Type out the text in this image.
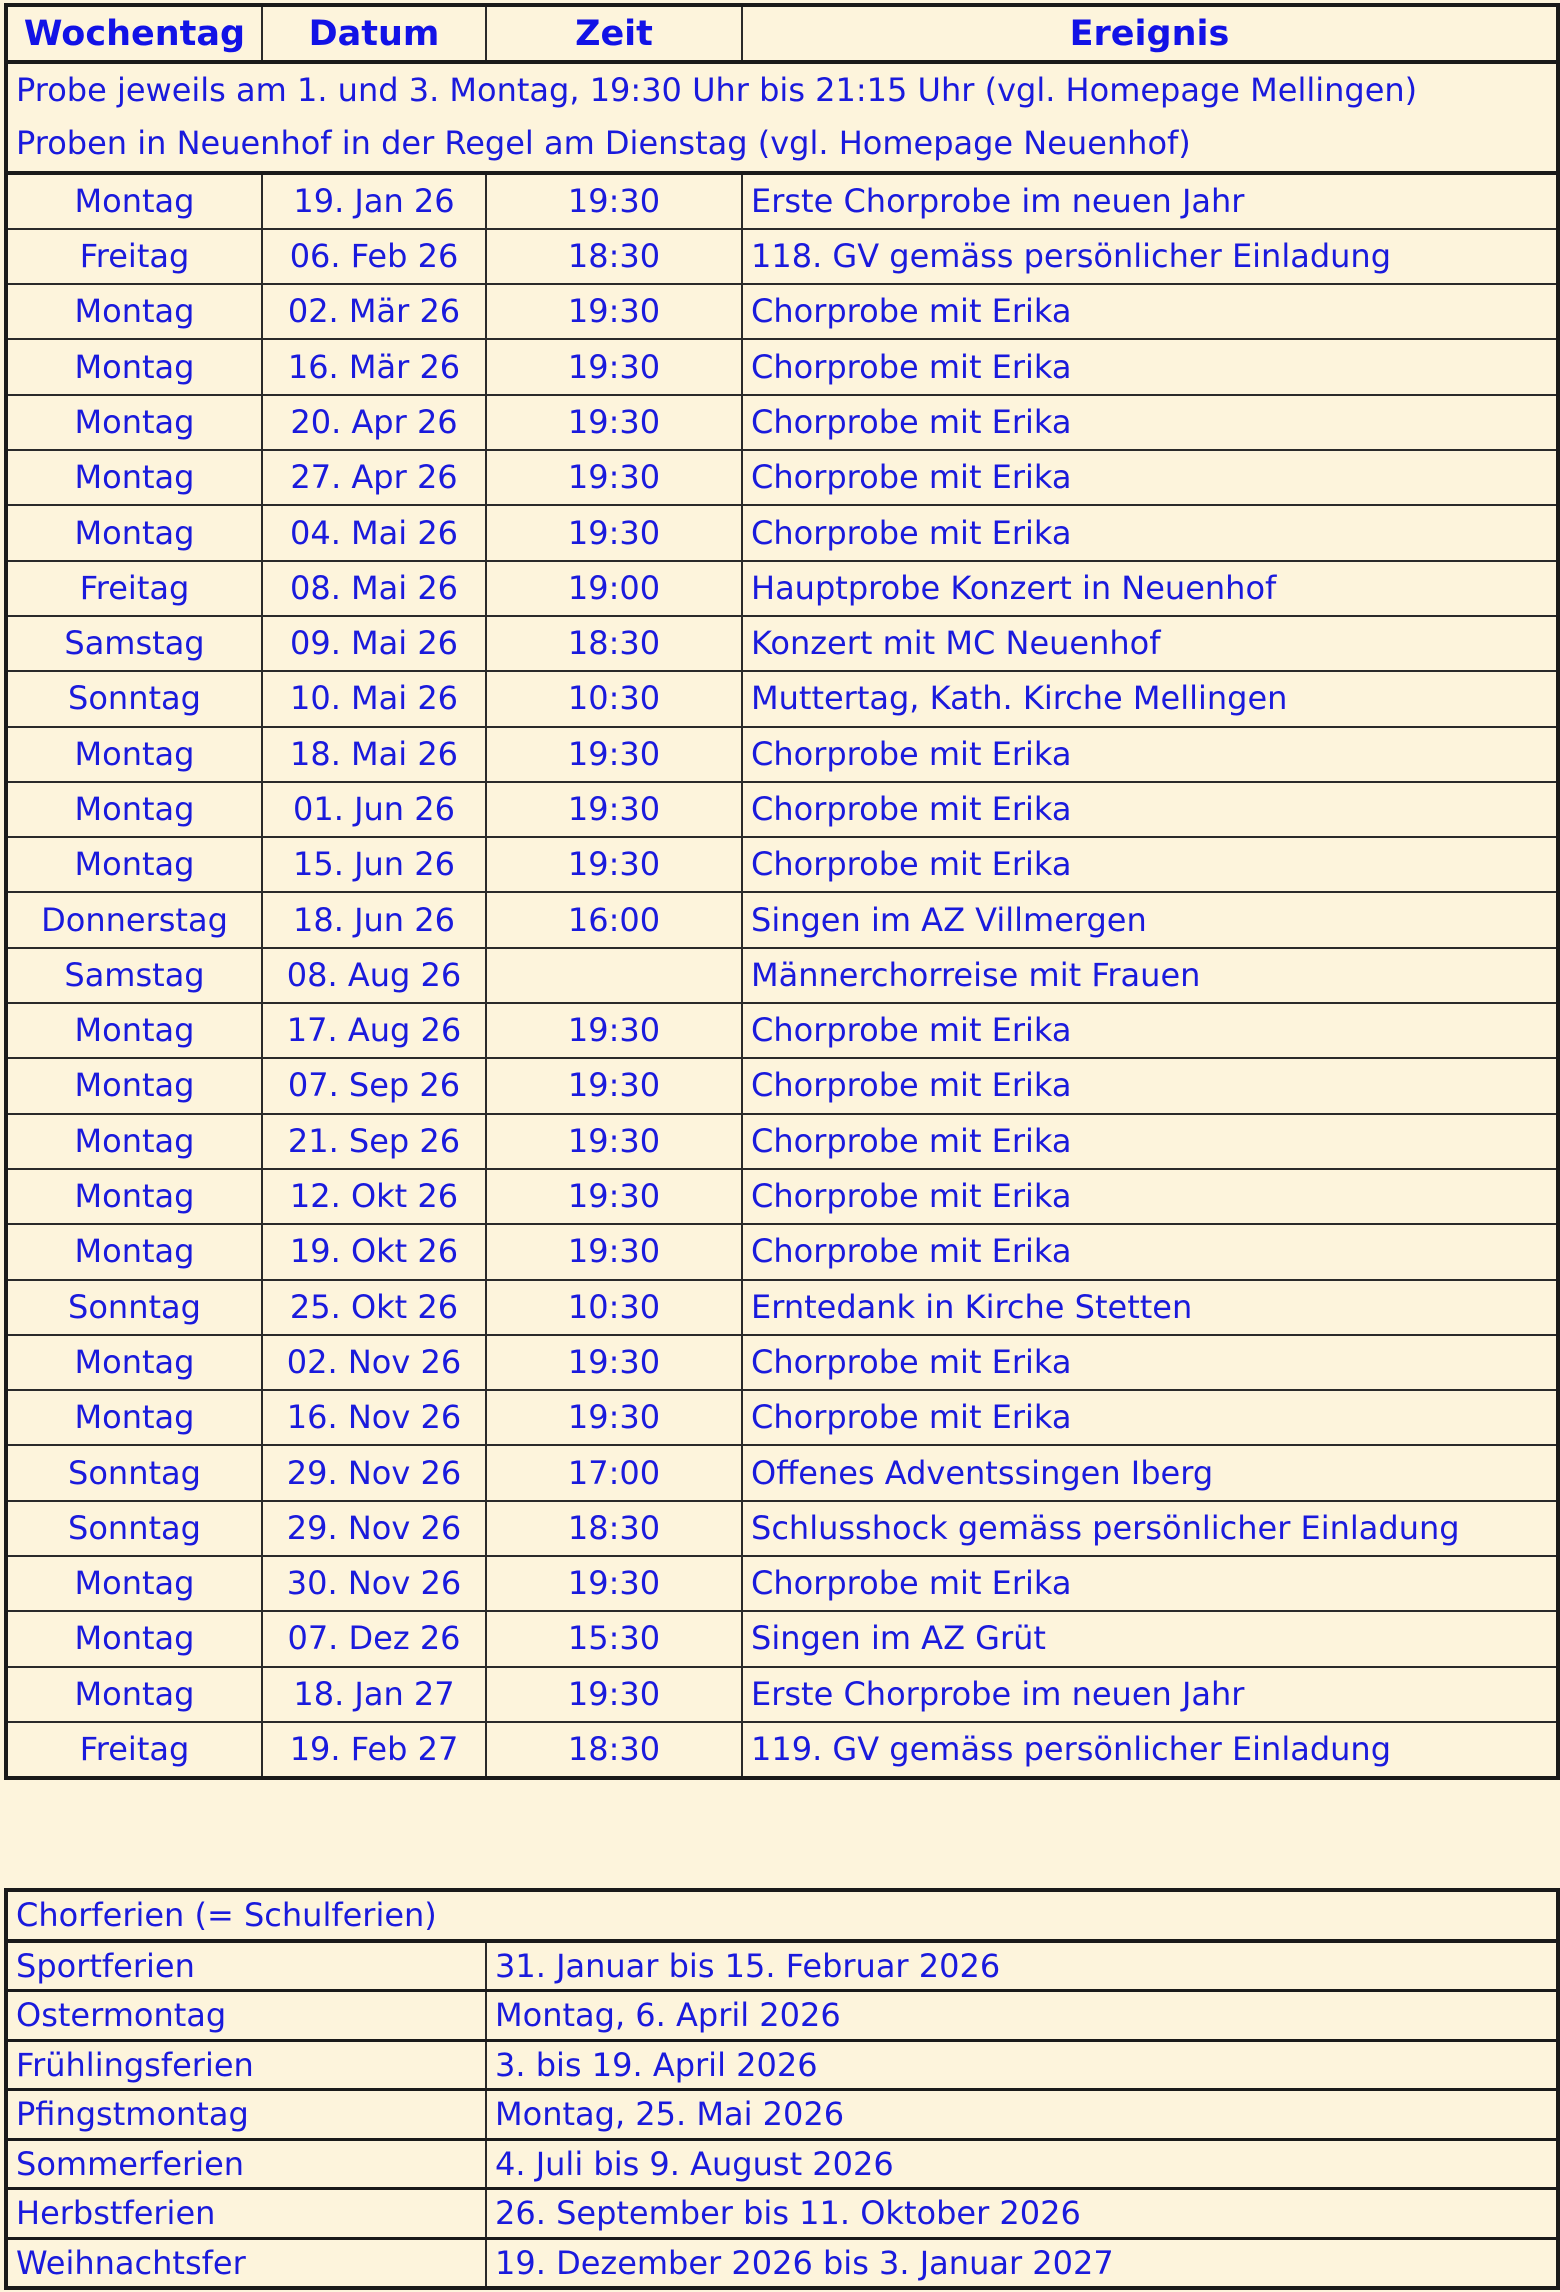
Wochentag	Datum	Zeit	Ereignis
Probe jeweils am 1. und 3. Montag, 19:30 Uhr bis 21:15 Uhr (vgl. Homepage Mellingen)			
Proben in Neuenhof in der Regel am Dienstag (vgl. Homepage Neuenhof)			
Montag	19. Jan 26	19:30	Erste Chorprobe im neuen Jahr
Freitag	06. Feb 26	18:30	118. GV gemäss persönlicher Einladung
Montag	02. Mär 26	19:30	Chorprobe mit Erika
Montag	16. Mär 26	19:30	Chorprobe mit Erika
Montag	20. Apr 26	19:30	Chorprobe mit Erika
Montag	27. Apr 26	19:30	Chorprobe mit Erika
Montag	04. Mai 26	19:30	Chorprobe mit Erika
Freitag	08. Mai 26	19:00	Hauptprobe Konzert in Neuenhof
Samstag	09. Mai 26	18:30	Konzert mit MC Neuenhof
Sonntag	10. Mai 26	10:30	Muttertag, Kath. Kirche Mellingen
Montag	18. Mai 26	19:30	Chorprobe mit Erika
Montag	01. Jun 26	19:30	Chorprobe mit Erika
Montag	15. Jun 26	19:30	Chorprobe mit Erika
Donnerstag	18. Jun 26	16:00	Singen im AZ Villmergen
Samstag	08. Aug 26		Männerchorreise mit Frauen
Montag	17. Aug 26	19:30	Chorprobe mit Erika
Montag	07. Sep 26	19:30	Chorprobe mit Erika
Montag	21. Sep 26	19:30	Chorprobe mit Erika
Montag	12. Okt 26	19:30	Chorprobe mit Erika
Montag	19. Okt 26	19:30	Chorprobe mit Erika
Sonntag	25. Okt 26	10:30	Erntedank in Kirche Stetten
Montag	02. Nov 26	19:30	Chorprobe mit Erika
Montag	16. Nov 26	19:30	Chorprobe mit Erika
Sonntag	29. Nov 26	17:00	Offenes Adventssingen Iberg
Sonntag	29. Nov 26	18:30	Schlusshock gemäss persönlicher Einladung
Montag	30. Nov 26	19:30	Chorprobe mit Erika
Montag	07. Dez 26	15:30	Singen im AZ Grüt
Montag	18. Jan 27	19:30	Erste Chorprobe im neuen Jahr
Freitag	19. Feb 27	18:30	119. GV gemäss persönlicher Einladung
Chorferien (= Schulferien)	
Sportferien	31. Januar bis 15. Februar 2026
Ostermontag	Montag, 6. April 2026
Frühlingsferien	3. bis 19. April 2026
Pfingstmontag	Montag, 25. Mai 2026
Sommerferien	4. Juli bis 9. August 2026
Herbstferien	26. September bis 11. Oktober 2026
Weihnachtsfer	19. Dezember 2026 bis 3. Januar 2027
